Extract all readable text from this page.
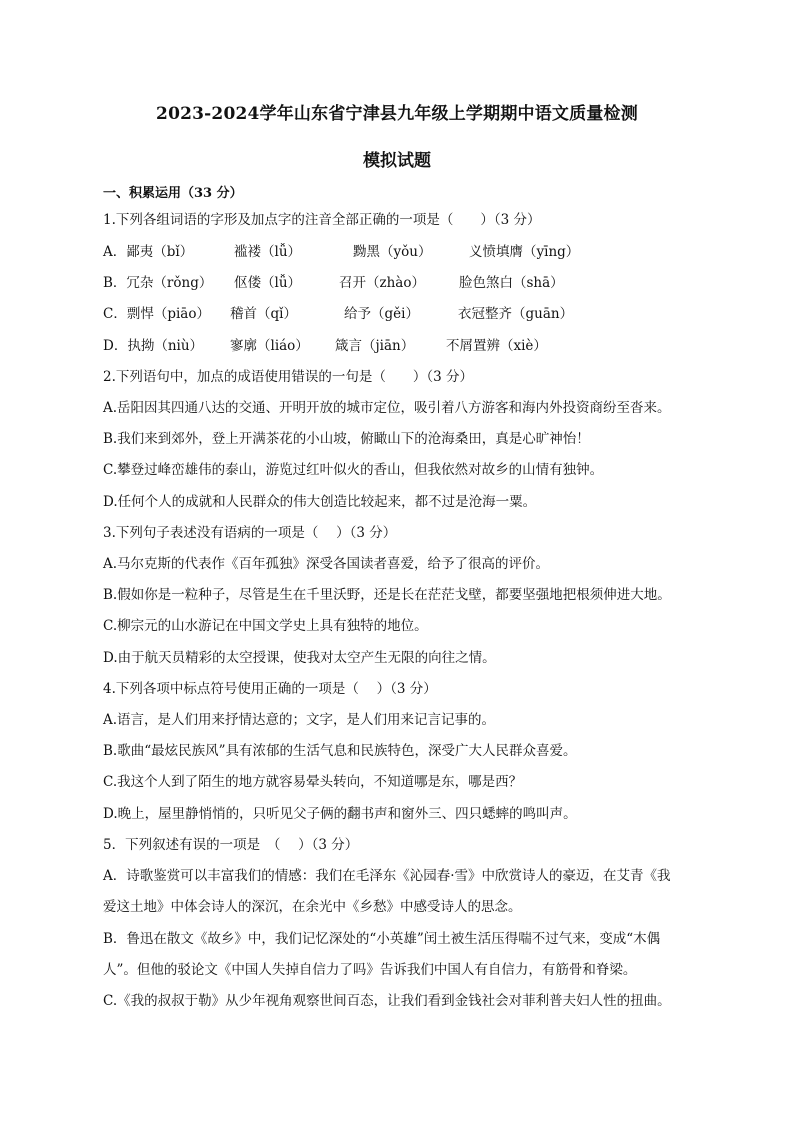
2023-2024学年山东省宁津县九年级上学期期中语文质量检测
模拟试题
一、积累运用（33 分）
1.下列各组词语的字形及加点字的注音全部正确的一项是（　　）（3 分）
A．鄙夷（bǐ）	褴褛（lǚ）	黝黑（yǒu）	义愤填膺（yīng）
B．冗杂（rǒng） 伛偻（lǚ）	召开（zhào）	脸色煞白（shā）
C．剽悍（piāo） 稽首（qǐ）	给予（gěi）	衣冠整齐（guān）
D．执拗（niù） 寥廓（liáo） 箴言（jiān） 不屑置辨（xiè）
2.下列语句中，加点的成语使用错误的一句是（　　）（3 分）
A.岳阳因其四通八达的交通、开明开放的城市定位，吸引着八方游客和海内外投资商纷至沓来。
B.我们来到郊外，登上开满茶花的小山坡，俯瞰山下的沧海桑田，真是心旷神怡！
C.攀登过峰峦雄伟的泰山，游览过红叶似火的香山，但我依然对故乡的山情有独钟。
D.任何个人的成就和人民群众的伟大创造比较起来，都不过是沧海一粟。
3.下列句子表述没有语病的一项是（　 ）（3 分）
A.马尔克斯的代表作《百年孤独》深受各国读者喜爱，给予了很高的评价。
B.假如你是一粒种子，尽管是生在千里沃野，还是长在茫茫戈壁，都要坚强地把根须伸进大地。
C.柳宗元的山水游记在中国文学史上具有独特的地位。
D.由于航天员精彩的太空授课，使我对太空产生无限的向往之情。
4.下列各项中标点符号使用正确的一项是（　 ）（3 分）
A.语言，是人们用来抒情达意的；文字，是人们用来记言记事的。
B.歌曲“最炫民族风”具有浓郁的生活气息和民族特色，深受广大人民群众喜爱。
C.我这个人到了陌生的地方就容易晕头转向，不知道哪是东，哪是西？
D.晚上，屋里静悄悄的，只听见父子俩的翻书声和窗外三、四只蟋蟀的鸣叫声。
5．下列叙述有误的一项是　（　 ）（3 分）
A．诗歌鉴赏可以丰富我们的情感：我们在毛泽东《沁园春·雪》中欣赏诗人的豪迈，在艾青《我
爱这土地》中体会诗人的深沉，在余光中《乡愁》中感受诗人的思念。
B．鲁迅在散文《故乡》中，我们记忆深处的“小英雄”闰土被生活压得喘不过气来，变成“木偶
人”。但他的驳论文《中国人失掉自信力了吗》告诉我们中国人有自信力，有筋骨和脊梁。
C.《我的叔叔于勒》从少年视角观察世间百态，让我们看到金钱社会对菲利普夫妇人性的扭曲。
